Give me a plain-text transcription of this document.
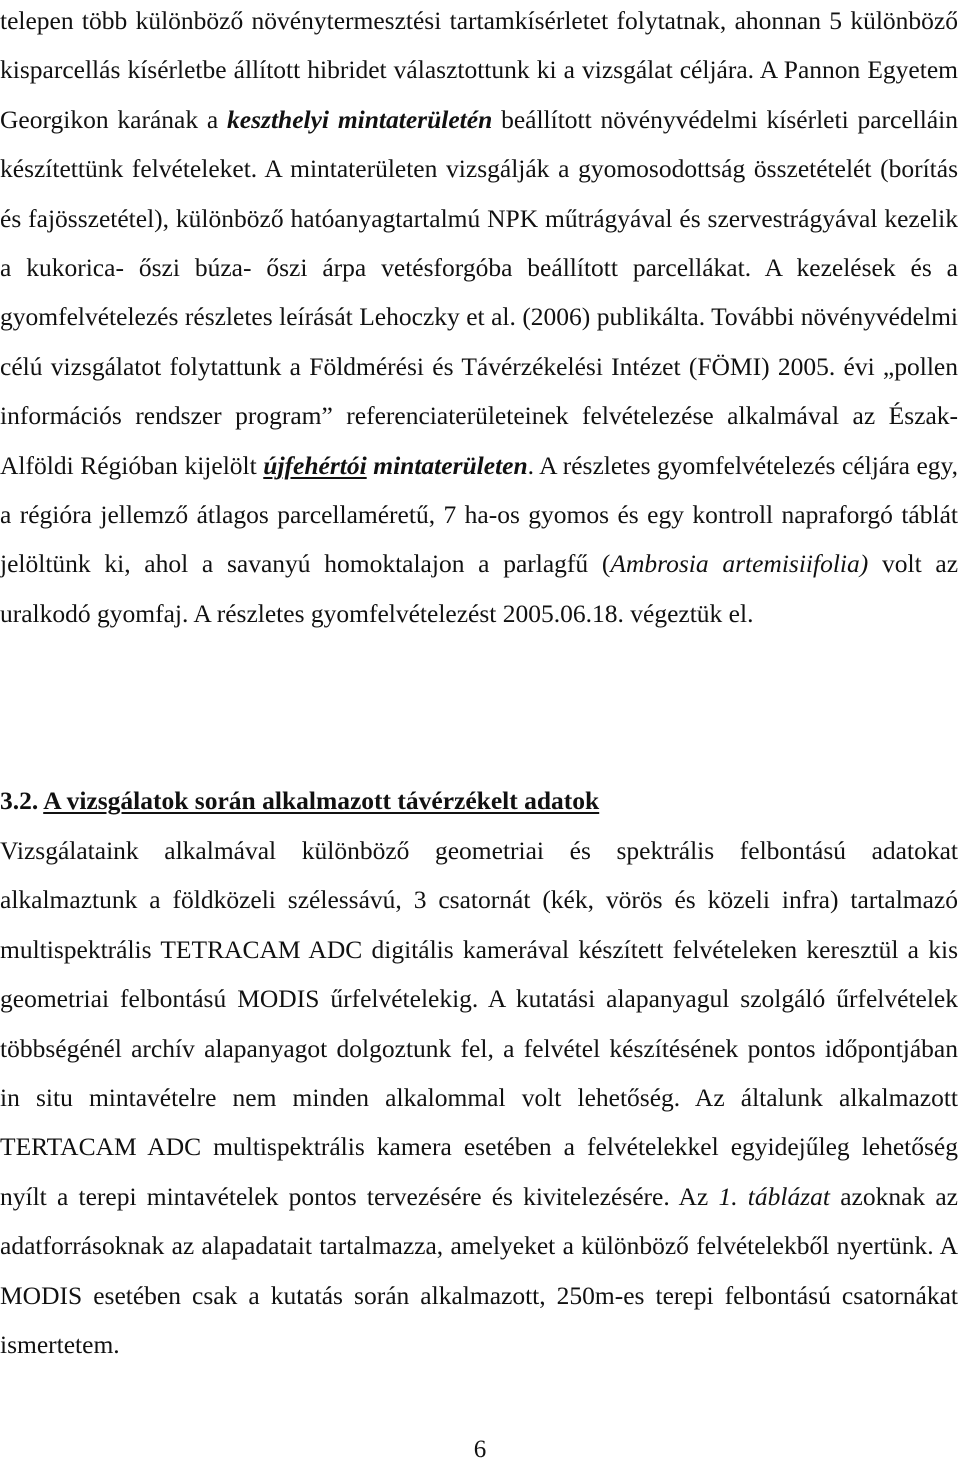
telepen több különböző növénytermesztési tartamkísérletet folytatnak, ahonnan 5 különböző kisparcellás kísérletbe állított hibridet választottunk ki a vizsgálat céljára. A Pannon Egyetem Georgikon karának a keszthelyi mintaterületén beállított növényvédelmi kísérleti parcelláin készítettünk felvételeket. A mintaterületen vizsgálják a gyomosodottság összetételét (borítás és fajösszetétel), különböző hatóanyagtartalmú NPK műtrágyával és szervestrágyával kezelik a kukorica- őszi búza- őszi árpa vetésforgóba beállított parcellákat. A kezelések és a gyomfelvételezés részletes leírását Lehoczky et al. (2006) publikálta. További növényvédelmi célú vizsgálatot folytattunk a Földmérési és Távérzékelési Intézet (FÖMI) 2005. évi „pollen információs rendszer program” referenciaterületeinek felvételezése alkalmával az Észak-Alföldi Régióban kijelölt újfehértói mintaterületen. A részletes gyomfelvételezés céljára egy, a régióra jellemző átlagos parcellaméretű, 7 ha-os gyomos és egy kontroll napraforgó táblát jelöltünk ki, ahol a savanyú homoktalajon a parlagfű (Ambrosia artemisiifolia) volt az uralkodó gyomfaj. A részletes gyomfelvételezést 2005.06.18. végeztük el.

3.2. A vizsgálatok során alkalmazott távérzékelt adatok

Vizsgálataink alkalmával különböző geometriai és spektrális felbontású adatokat alkalmaztunk a földközeli szélessávú, 3 csatornát (kék, vörös és közeli infra) tartalmazó multispektrális TETRACAM ADC digitális kamerával készített felvételeken keresztül a kis geometriai felbontású MODIS űrfelvételekig. A kutatási alapanyagul szolgáló űrfelvételek többségénél archív alapanyagot dolgoztunk fel, a felvétel készítésének pontos időpontjában in situ mintavételre nem minden alkalommal volt lehetőség. Az általunk alkalmazott TERTACAM ADC multispektrális kamera esetében a felvételekkel egyidejűleg lehetőség nyílt a terepi mintavételek pontos tervezésére és kivitelezésére. Az 1. táblázat azoknak az adatforrásoknak az alapadatait tartalmazza, amelyeket a különböző felvételekből nyertünk. A MODIS esetében csak a kutatás során alkalmazott, 250m-es terepi felbontású csatornákat ismertetem.

6
